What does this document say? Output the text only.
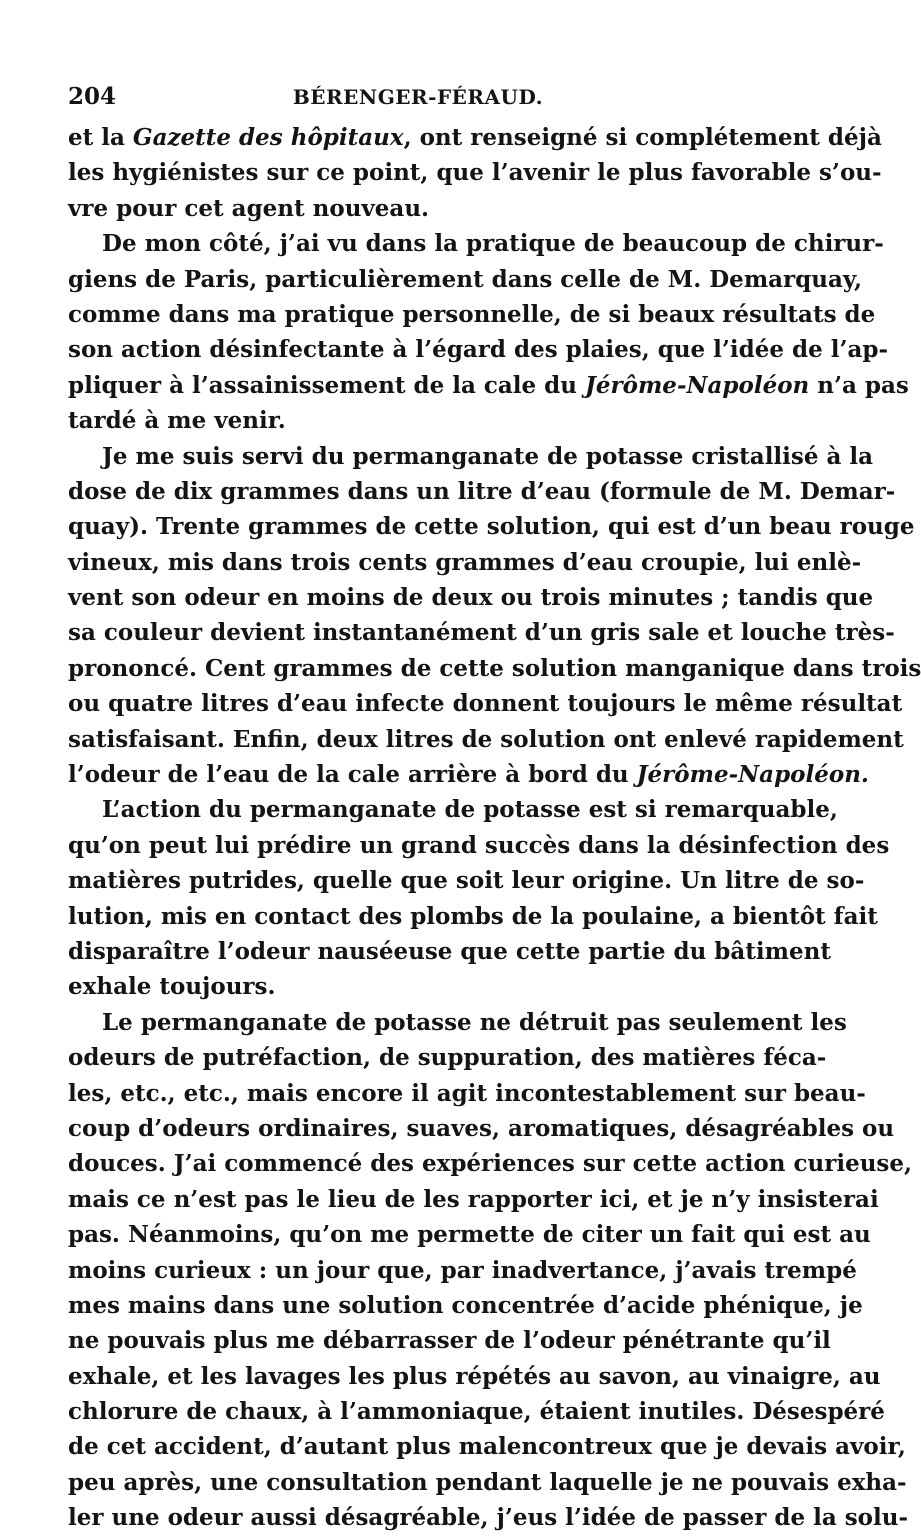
204	BÉRENGER-FÉRAUD.
et la Gazette des hôpitaux, ont renseigné si complétement déjà
les hygiénistes sur ce point, que l’avenir le plus favorable s’ou-
vre pour cet agent nouveau.
De mon côté, j’ai vu dans la pratique de beaucoup de chirur-
giens de Paris, particulièrement dans celle de M. Demarquay,
comme dans ma pratique personnelle, de si beaux résultats de
son action désinfectante à l’égard des plaies, que l’idée de l’ap-
pliquer à l’assainissement de la cale du Jérôme-Napoléon n’a pas
tardé à me venir.
Je me suis servi du permanganate de potasse cristallisé à la
dose de dix grammes dans un litre d’eau (formule de M. Demar-
quay). Trente grammes de cette solution, qui est d’un beau rouge
vineux, mis dans trois cents grammes d’eau croupie, lui enlè-
vent son odeur en moins de deux ou trois minutes ; tandis que
sa couleur devient instantanément d’un gris sale et louche très-
prononcé. Cent grammes de cette solution manganique dans trois
ou quatre litres d’eau infecte donnent toujours le même résultat
satisfaisant. Enfin, deux litres de solution ont enlevé rapidement
l’odeur de l’eau de la cale arrière à bord du Jérôme-Napoléon.
L’action du permanganate de potasse est si remarquable,
qu’on peut lui prédire un grand succès dans la désinfection des
matières putrides, quelle que soit leur origine. Un litre de so-
lution, mis en contact des plombs de la poulaine, a bientôt fait
disparaître l’odeur nauséeuse que cette partie du bâtiment
exhale toujours.
Le permanganate de potasse ne détruit pas seulement les
odeurs de putréfaction, de suppuration, des matières féca-
les, etc., etc., mais encore il agit incontestablement sur beau-
coup d’odeurs ordinaires, suaves, aromatiques, désagréables ou
douces. J’ai commencé des expériences sur cette action curieuse,
mais ce n’est pas le lieu de les rapporter ici, et je n’y insisterai
pas. Néanmoins, qu’on me permette de citer un fait qui est au
moins curieux : un jour que, par inadvertance, j’avais trempé
mes mains dans une solution concentrée d’acide phénique, je
ne pouvais plus me débarrasser de l’odeur pénétrante qu’il
exhale, et les lavages les plus répétés au savon, au vinaigre, au
chlorure de chaux, à l’ammoniaque, étaient inutiles. Désespéré
de cet accident, d’autant plus malencontreux que je devais avoir,
peu après, une consultation pendant laquelle je ne pouvais exha-
ler une odeur aussi désagréable, j’eus l’idée de passer de la solu-
